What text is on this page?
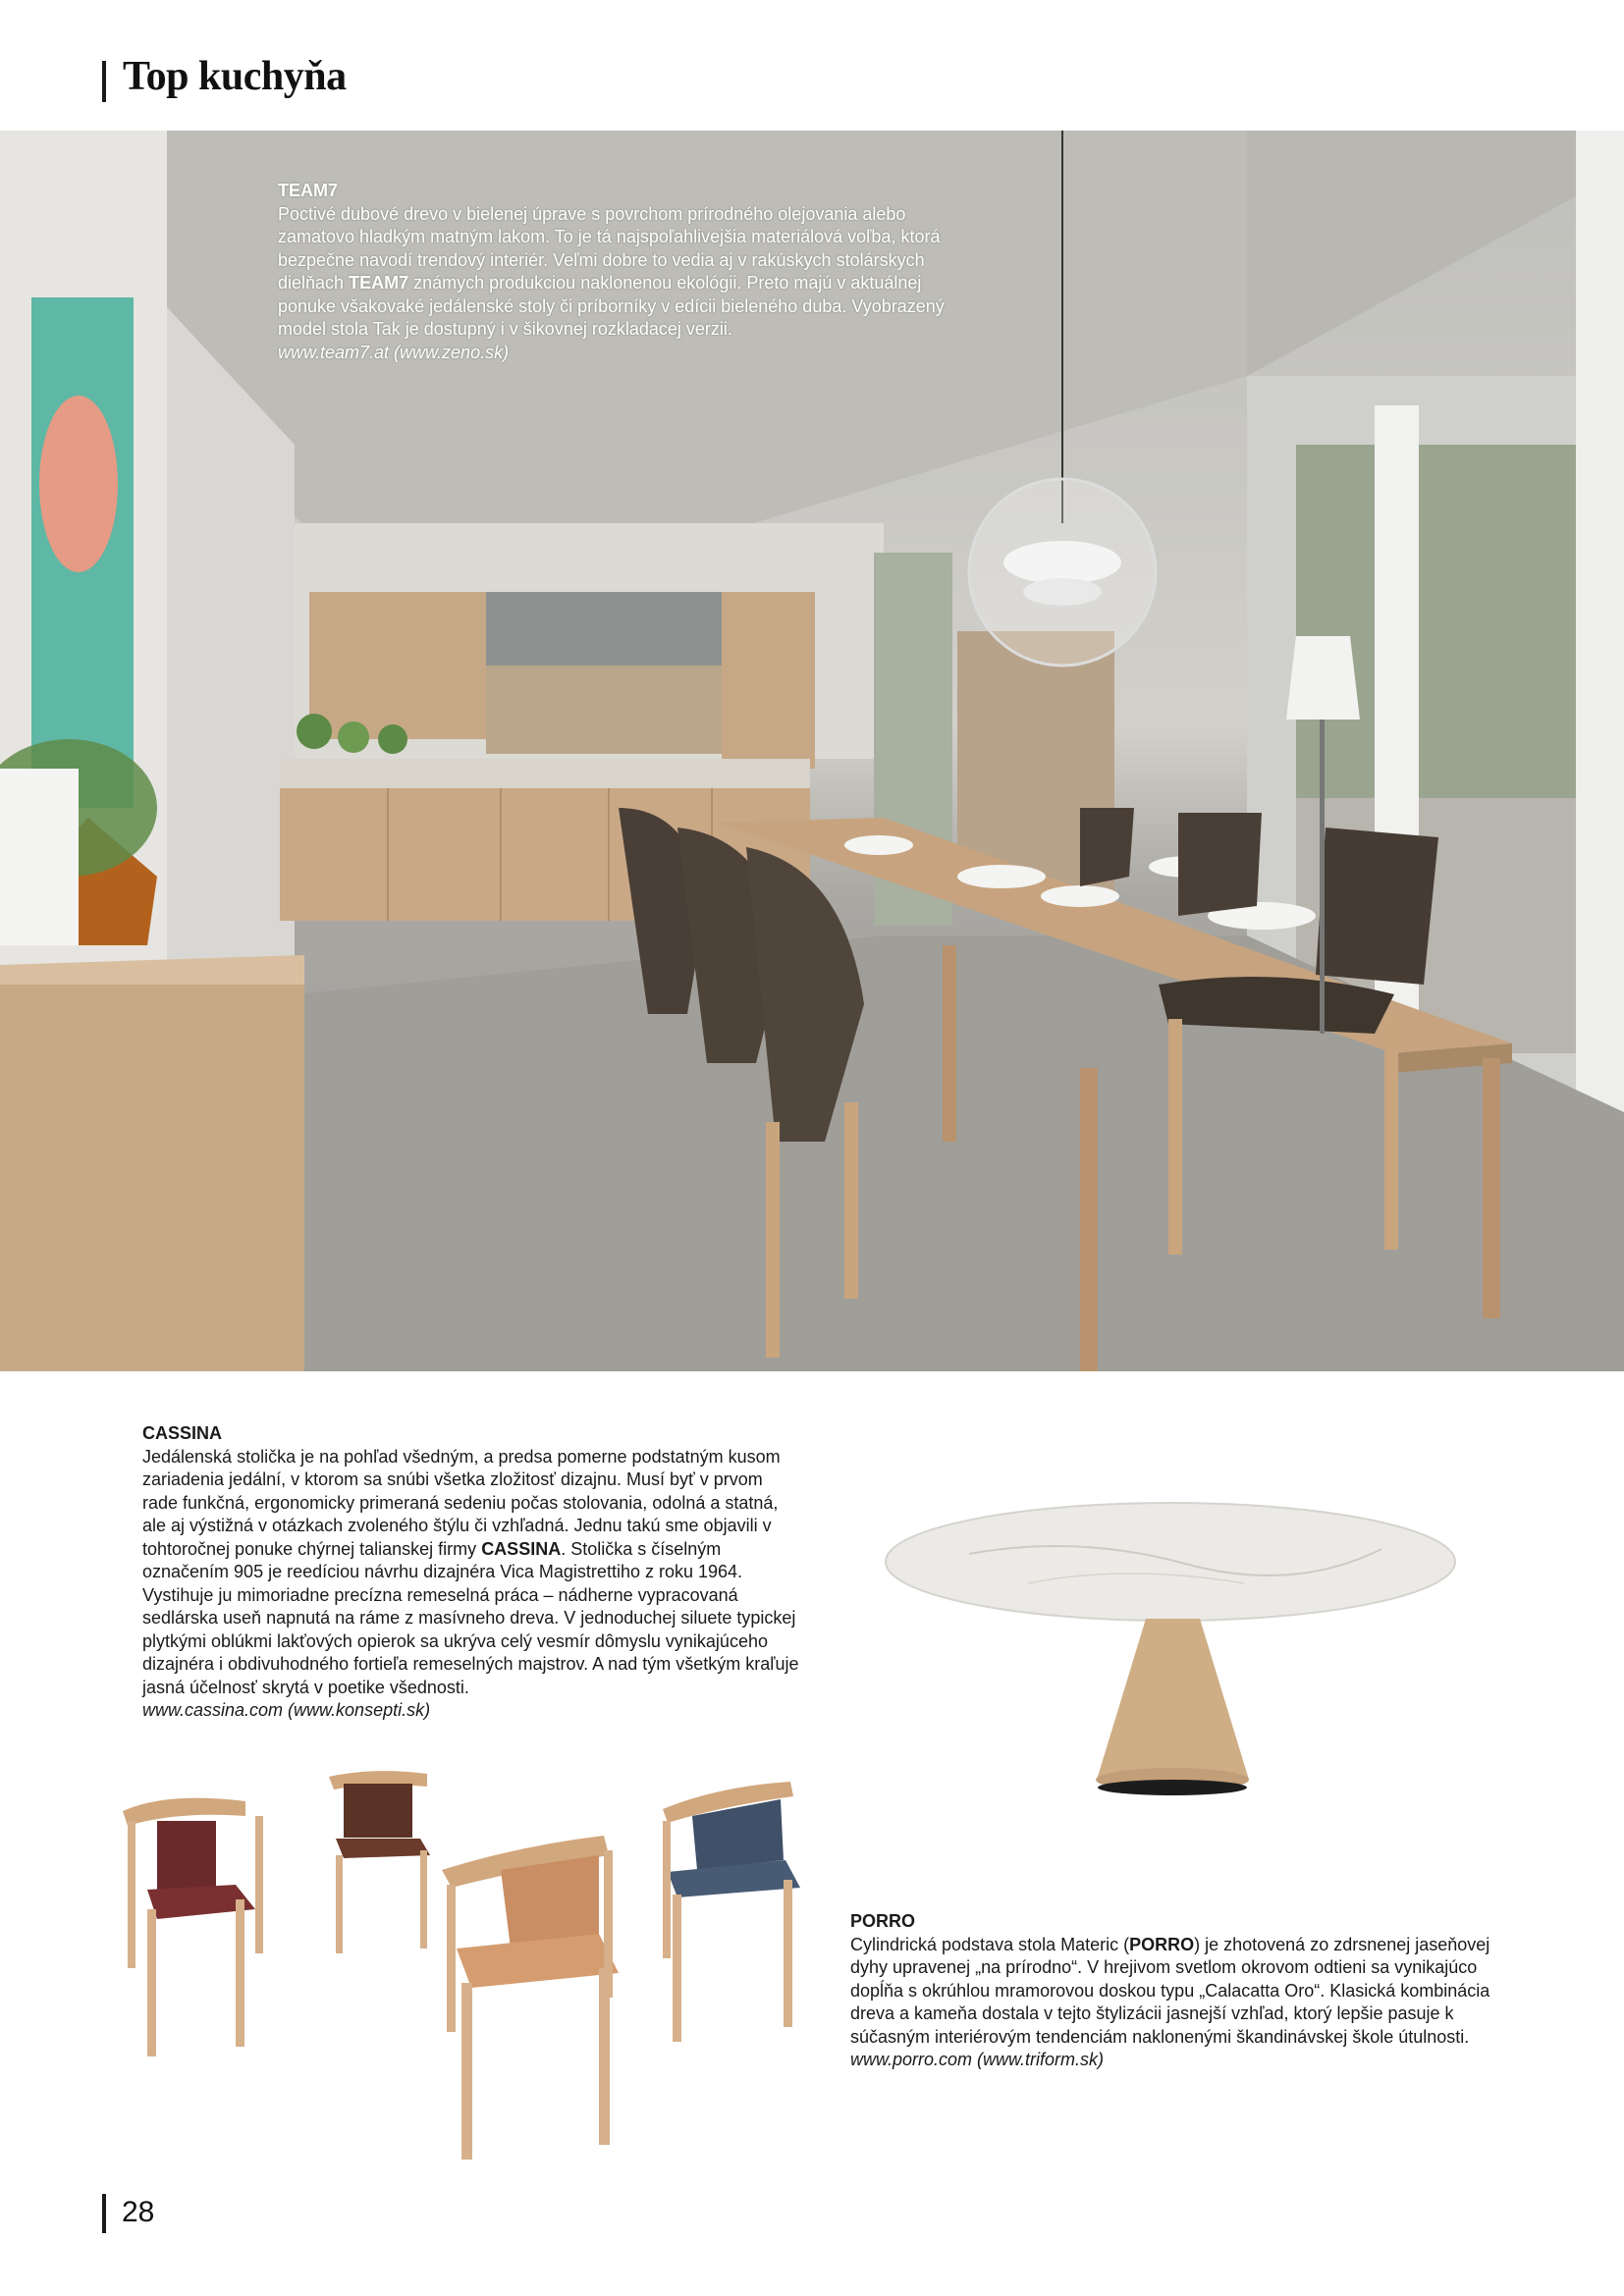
Top kuchyňa
TEAM7
Poctivé dubové drevo v bielenej úprave s povrchom prírodného olejovania alebo zamatovo hladkým matným lakom. To je tá najspoľahlivejšia materiálová voľba, ktorá bezpečne navodí trendový interiér. Veľmi dobre to vedia aj v rakúskych stolárskych dielňach TEAM7 známych produkciou naklonenou ekológii. Preto majú v aktuálnej ponuke všakovaké jedálenské stoly či príborníky v edícii bieleného duba. Vyobrazený model stola Tak je dostupný i v šikovnej rozkladacej verzii.
www.team7.at (www.zeno.sk)
CASSINA
Jedálenská stolička je na pohľad všedným, a predsa pomerne podstatným kusom zariadenia jedální, v ktorom sa snúbi všetka zložitosť dizajnu. Musí byť v prvom rade funkčná, ergonomicky primeraná sedeniu počas stolovania, odolná a statná, ale aj výstižná v otázkach zvoleného štýlu či vzhľadná. Jednu takú sme objavili v tohtoročnej ponuke chýrnej talianskej firmy CASSINA. Stolička s číselným označením 905 je reedíciou návrhu dizajnéra Vica Magistrettiho z roku 1964. Vystihuje ju mimoriadne precízna remeselná práca – nádherne vypracovaná sedlárska useň napnutá na ráme z masívneho dreva. V jednoduchej siluete typickej plytkými oblúkmi lakťových opierok sa ukrýva celý vesmír dômyslu vynikajúceho dizajnéra i obdivuhodného fortieľa remeselných majstrov. A nad tým všetkým kraľuje jasná účelnosť skrytá v poetike všednosti.
www.cassina.com (www.konsepti.sk)
PORRO
Cylindrická podstava stola Materic (PORRO) je zhotovená zo zdrsnenej jaseňovej dyhy upravenej „na prírodno“. V hrejivom svetlom okrovom odtieni sa vynikajúco dopĺňa s okrúhlou mramorovou doskou typu „Calacatta Oro“. Klasická kombinácia dreva a kameňa dostala v tejto štylizácii jasnejší vzhľad, ktorý lepšie pasuje k súčasným interiérovým tendenciám naklonenými škandinávskej škole útulnosti.
www.porro.com (www.triform.sk)
28
